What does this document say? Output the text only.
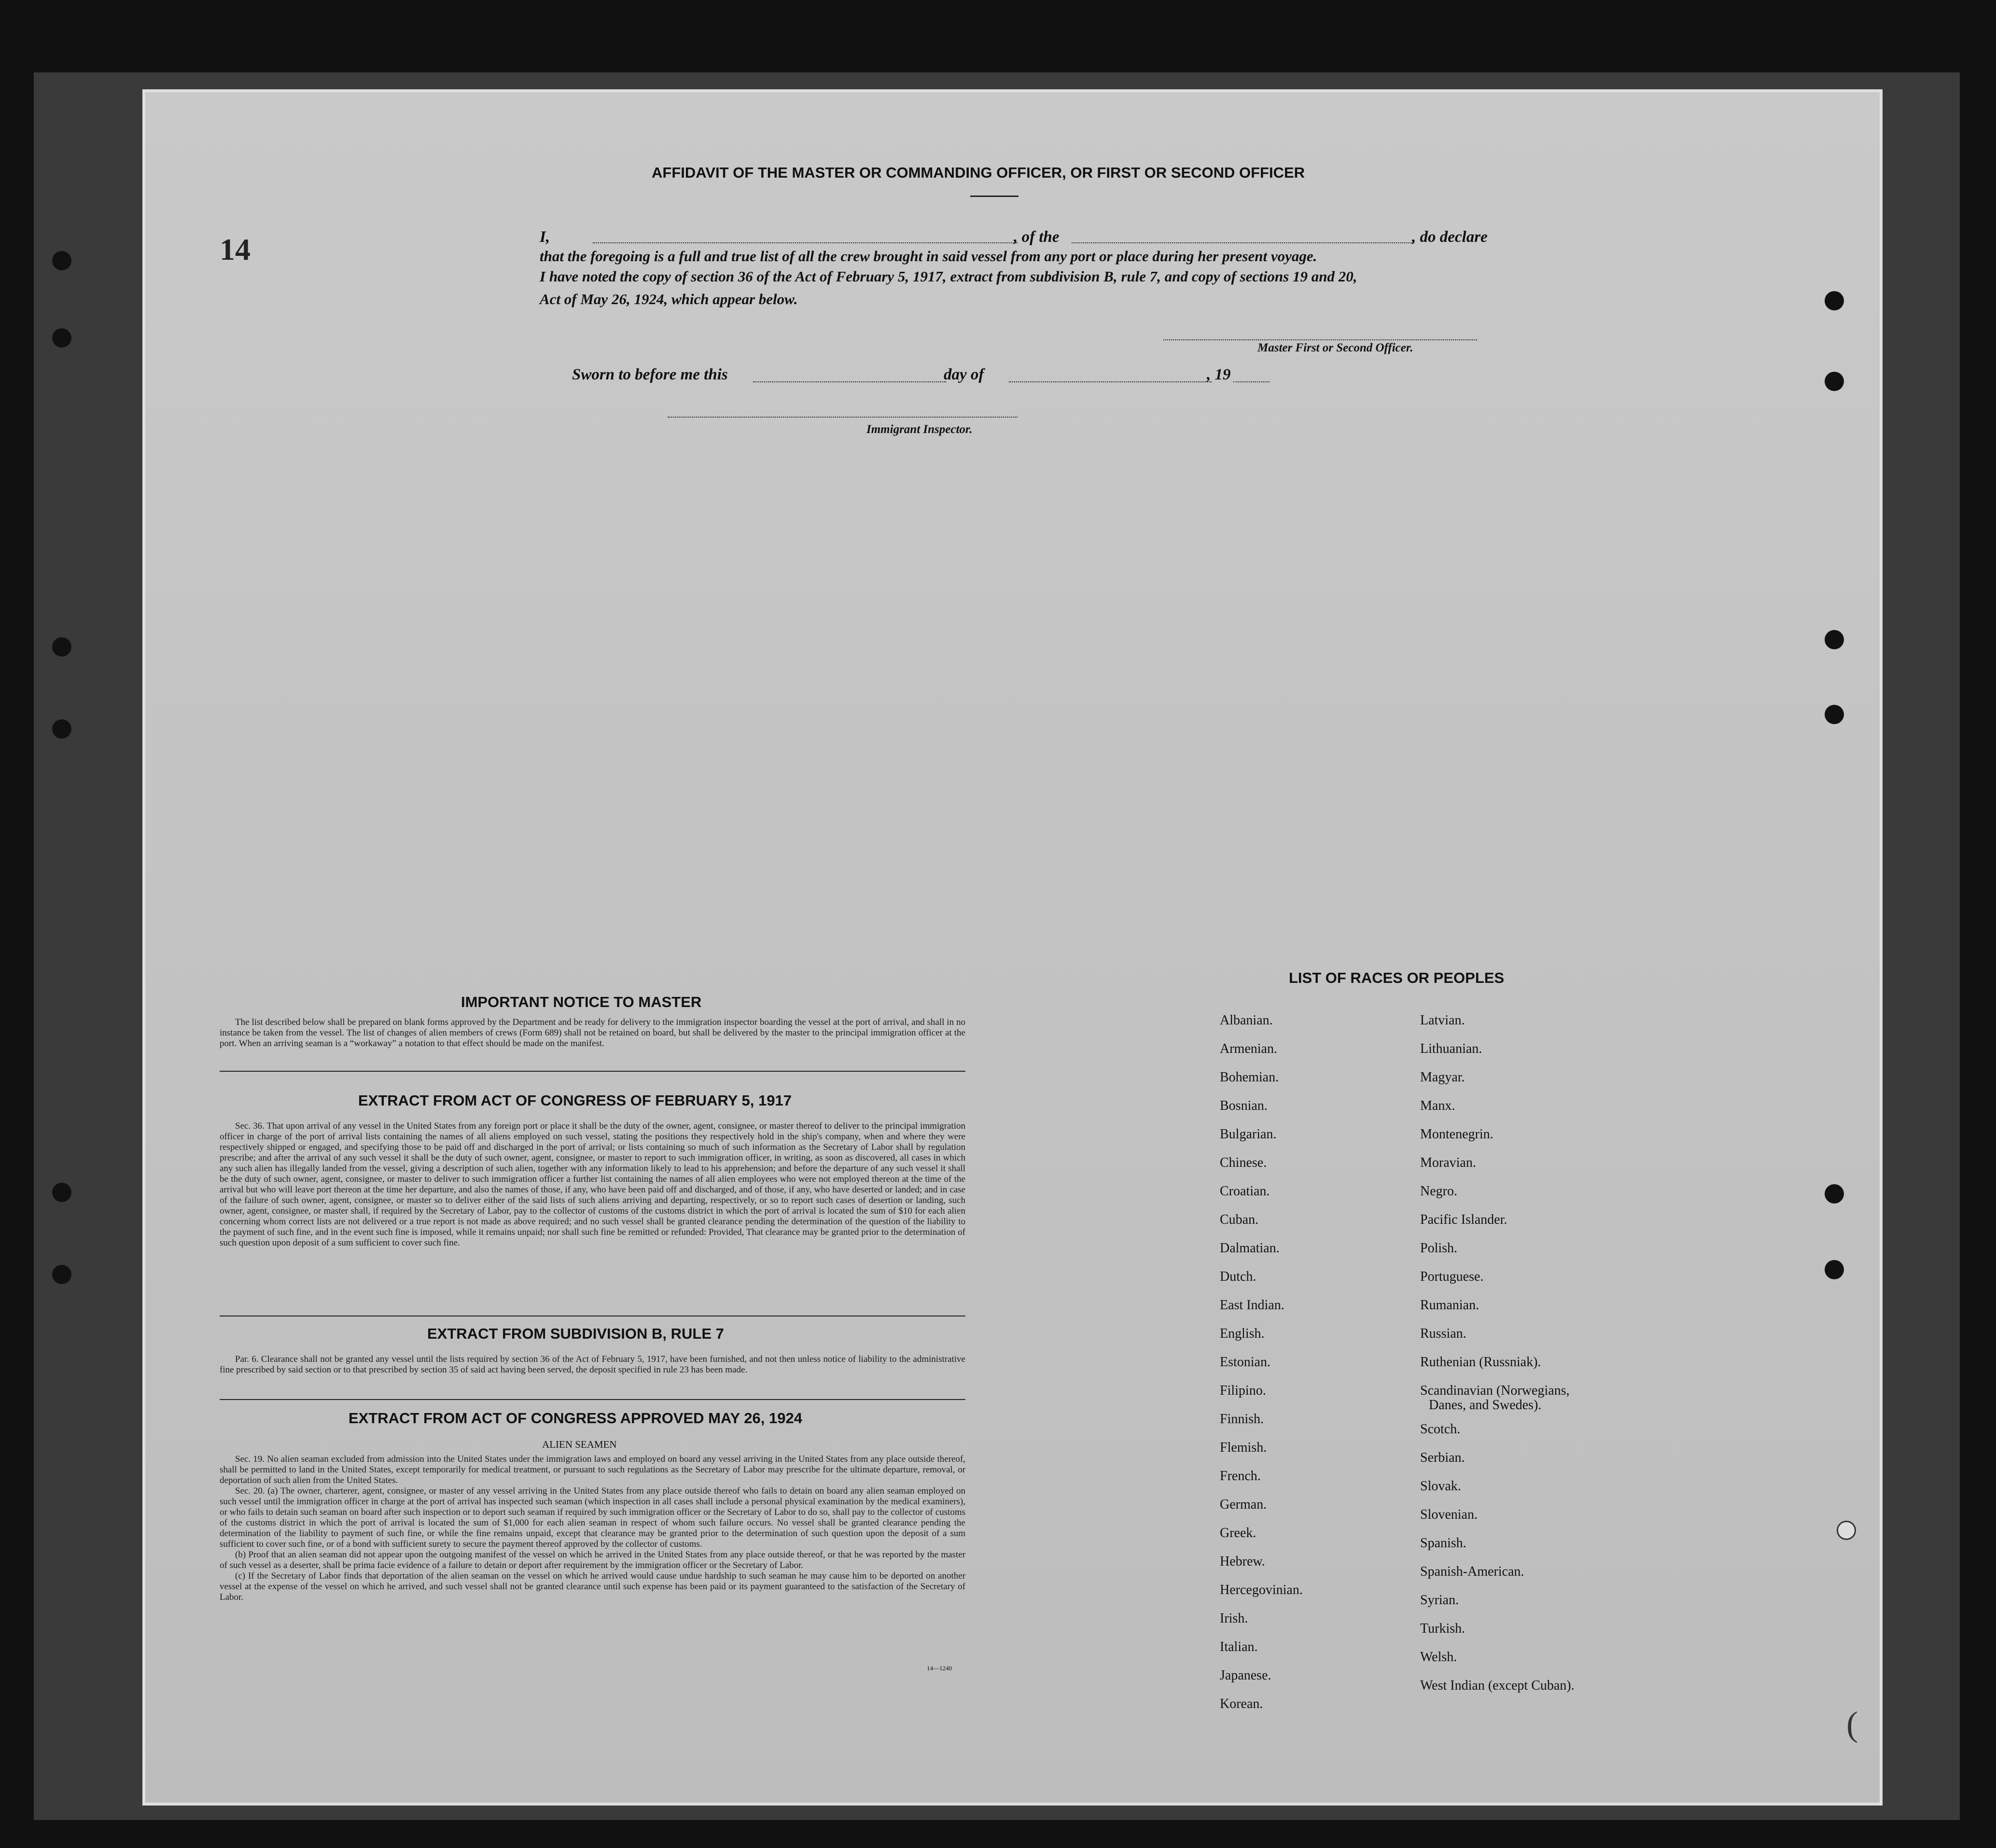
14
AFFIDAVIT OF THE MASTER OR COMMANDING OFFICER, OR FIRST OR SECOND OFFICER
I,	, of the	, do declare
that the foregoing is a full and true list of all the crew brought in said vessel from any port or place during her present voyage.
I have noted the copy of section 36 of the Act of February 5, 1917, extract from subdivision B, rule 7, and copy of sections 19 and 20,
Act of May 26, 1924, which appear below.
Master First or Second Officer.
Sworn to before me this	day of	, 19
Immigrant Inspector.
IMPORTANT NOTICE TO MASTER

The list described below shall be prepared on blank forms approved by the Department and be ready for delivery to the immigration inspector boarding the vessel at the port of arrival, and shall in no instance be taken from the vessel. The list of changes of alien members of crews (Form 689) shall not be retained on board, but shall be delivered by the master to the principal immigration officer at the port. When an arriving seaman is a “workaway” a notation to that effect should be made on the manifest.

EXTRACT FROM ACT OF CONGRESS OF FEBRUARY 5, 1917

Sec. 36. That upon arrival of any vessel in the United States from any foreign port or place it shall be the duty of the owner, agent, consignee, or master thereof to deliver to the principal immigration officer in charge of the port of arrival lists containing the names of all aliens employed on such vessel, stating the positions they respectively hold in the ship's company, when and where they were respectively shipped or engaged, and specifying those to be paid off and discharged in the port of arrival; or lists containing so much of such information as the Secretary of Labor shall by regulation prescribe; and after the arrival of any such vessel it shall be the duty of such owner, agent, consignee, or master to report to such immigration officer, in writing, as soon as discovered, all cases in which any such alien has illegally landed from the vessel, giving a description of such alien, together with any information likely to lead to his apprehension; and before the departure of any such vessel it shall be the duty of such owner, agent, consignee, or master to deliver to such immigration officer a further list containing the names of all alien employees who were not employed thereon at the time of the arrival but who will leave port thereon at the time her departure, and also the names of those, if any, who have been paid off and discharged, and of those, if any, who have deserted or landed; and in case of the failure of such owner, agent, consignee, or master so to deliver either of the said lists of such aliens arriving and departing, respectively, or so to report such cases of desertion or landing, such owner, agent, consignee, or master shall, if required by the Secretary of Labor, pay to the collector of customs of the customs district in which the port of arrival is located the sum of $10 for each alien concerning whom correct lists are not delivered or a true report is not made as above required; and no such vessel shall be granted clearance pending the determination of the question of the liability to the payment of such fine, and in the event such fine is imposed, while it remains unpaid; nor shall such fine be remitted or refunded: Provided, That clearance may be granted prior to the determination of such question upon deposit of a sum sufficient to cover such fine.

EXTRACT FROM SUBDIVISION B, RULE 7

Par. 6. Clearance shall not be granted any vessel until the lists required by section 36 of the Act of February 5, 1917, have been furnished, and not then unless notice of liability to the administrative fine prescribed by said section or to that prescribed by section 35 of said act having been served, the deposit specified in rule 23 has been made.

EXTRACT FROM ACT OF CONGRESS APPROVED MAY 26, 1924
ALIEN SEAMEN

Sec. 19. No alien seaman excluded from admission into the United States under the immigration laws and employed on board any vessel arriving in the United States from any place outside thereof, shall be permitted to land in the United States, except temporarily for medical treatment, or pursuant to such regulations as the Secretary of Labor may prescribe for the ultimate departure, removal, or deportation of such alien from the United States.

Sec. 20. (a) The owner, charterer, agent, consignee, or master of any vessel arriving in the United States from any place outside thereof who fails to detain on board any alien seaman employed on such vessel until the immigration officer in charge at the port of arrival has inspected such seaman (which inspection in all cases shall include a personal physical examination by the medical examiners), or who fails to detain such seaman on board after such inspection or to deport such seaman if required by such immigration officer or the Secretary of Labor to do so, shall pay to the collector of customs of the customs district in which the port of arrival is located the sum of $1,000 for each alien seaman in respect of whom such failure occurs. No vessel shall be granted clearance pending the determination of the liability to payment of such fine, or while the fine remains unpaid, except that clearance may be granted prior to the determination of such question upon the deposit of a sum sufficient to cover such fine, or of a bond with sufficient surety to secure the payment thereof approved by the collector of customs.

(b) Proof that an alien seaman did not appear upon the outgoing manifest of the vessel on which he arrived in the United States from any place outside thereof, or that he was reported by the master of such vessel as a deserter, shall be prima facie evidence of a failure to detain or deport after requirement by the immigration officer or the Secretary of Labor.

(c) If the Secretary of Labor finds that deportation of the alien seaman on the vessel on which he arrived would cause undue hardship to such seaman he may cause him to be deported on another vessel at the expense of the vessel on which he arrived, and such vessel shall not be granted clearance until such expense has been paid or its payment guaranteed to the satisfaction of the Secretary of Labor.

14—1240
LIST OF RACES OR PEOPLES
Albanian.
Armenian.
Bohemian.
Bosnian.
Bulgarian.
Chinese.
Croatian.
Cuban.
Dalmatian.
Dutch.
East Indian.
English.
Estonian.
Filipino.
Finnish.
Flemish.
French.
German.
Greek.
Hebrew.
Hercegovinian.
Irish.
Italian.
Japanese.
Korean.
Latvian.
Lithuanian.
Magyar.
Manx.
Montenegrin.
Moravian.
Negro.
Pacific Islander.
Polish.
Portuguese.
Rumanian.
Russian.
Ruthenian (Russniak).
Scandinavian (Norwegians,
Danes, and Swedes).
Scotch.
Serbian.
Slovak.
Slovenian.
Spanish.
Spanish-American.
Syrian.
Turkish.
Welsh.
West Indian (except Cuban).
(
